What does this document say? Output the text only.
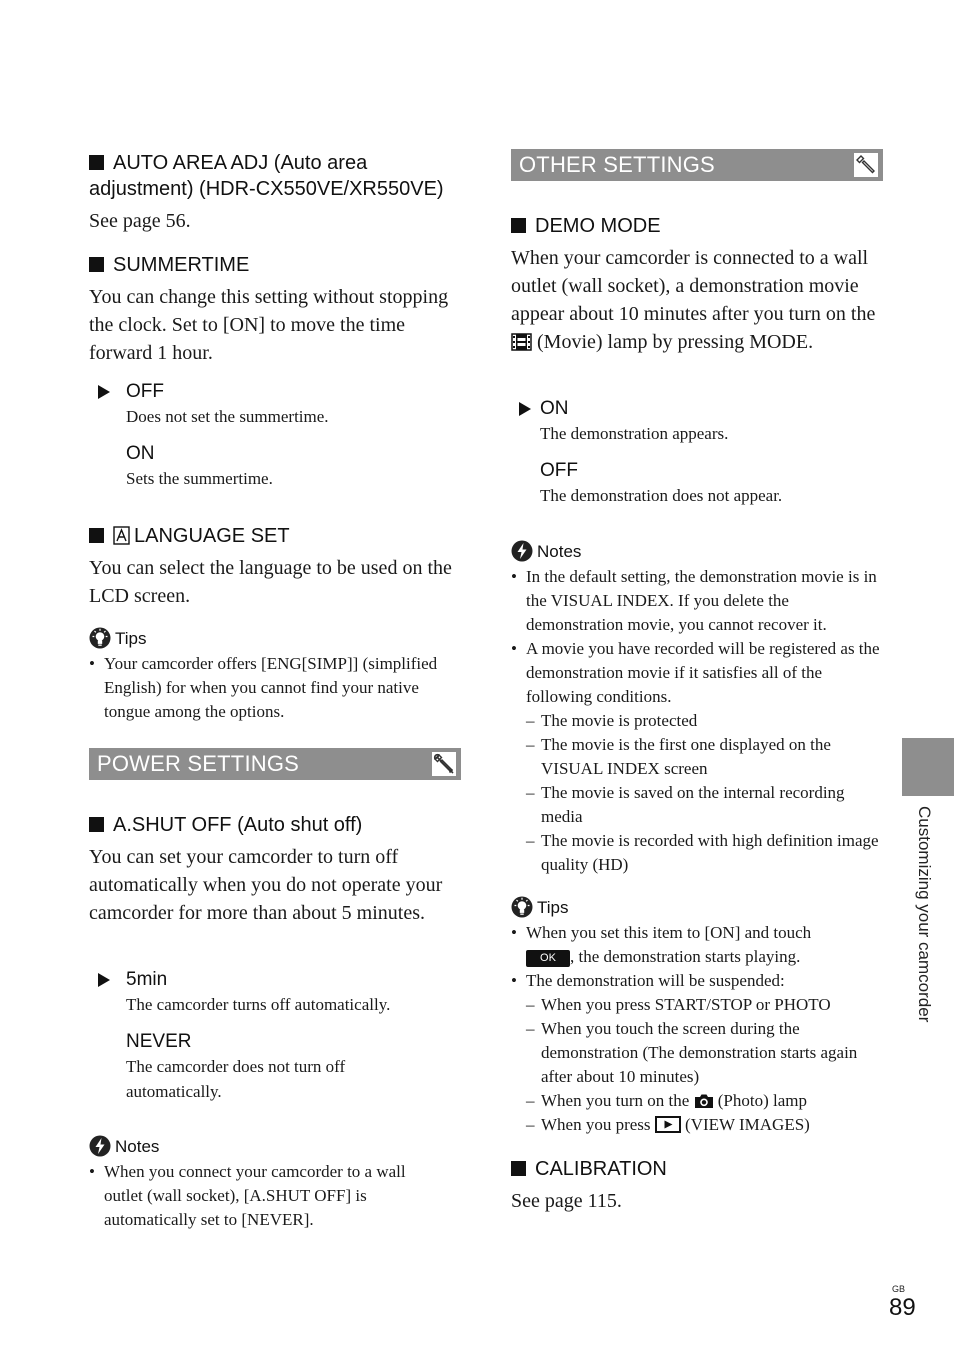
AUTO AREA ADJ (Auto area adjustment) (HDR-CX550VE/XR550VE)
See page 56.
SUMMERTIME
You can change this setting without stopping the clock. Set to [ON] to move the time forward 1 hour.
OFF
Does not set the summertime.
ON
Sets the summertime.
LANGUAGE SET
You can select the language to be used on the LCD screen.
Tips
• Your camcorder offers [ENG[SIMP]] (simplified English) for when you cannot find your native tongue among the options.
POWER SETTINGS
A.SHUT OFF (Auto shut off)
You can set your camcorder to turn off automatically when you do not operate your camcorder for more than about 5 minutes.
5min
The camcorder turns off automatically.
NEVER
The camcorder does not turn off automatically.
Notes
• When you connect your camcorder to a wall outlet (wall socket), [A.SHUT OFF] is automatically set to [NEVER].
OTHER SETTINGS
DEMO MODE
When your camcorder is connected to a wall outlet (wall socket), a demonstration movie appear about 10 minutes after you turn on the  (Movie) lamp by pressing MODE.
ON
The demonstration appears.
OFF
The demonstration does not appear.
Notes
• In the default setting, the demonstration movie is in the VISUAL INDEX. If you delete the demonstration movie, you cannot recover it.
• A movie you have recorded will be registered as the demonstration movie if it satisfies all of the following conditions.
– The movie is protected
– The movie is the first one displayed on the VISUAL INDEX screen
– The movie is saved on the internal recording media
– The movie is recorded with high definition image quality (HD)
Tips
• When you set this item to [ON] and touch
OK , the demonstration starts playing.
• The demonstration will be suspended:
– When you press START/STOP or PHOTO
– When you touch the screen during the demonstration (The demonstration starts again after about 10 minutes)
– When you turn on the (Photo) lamp
– When you press (VIEW IMAGES)
CALIBRATION
See page 115.
Customizing your camcorder
GB
89
